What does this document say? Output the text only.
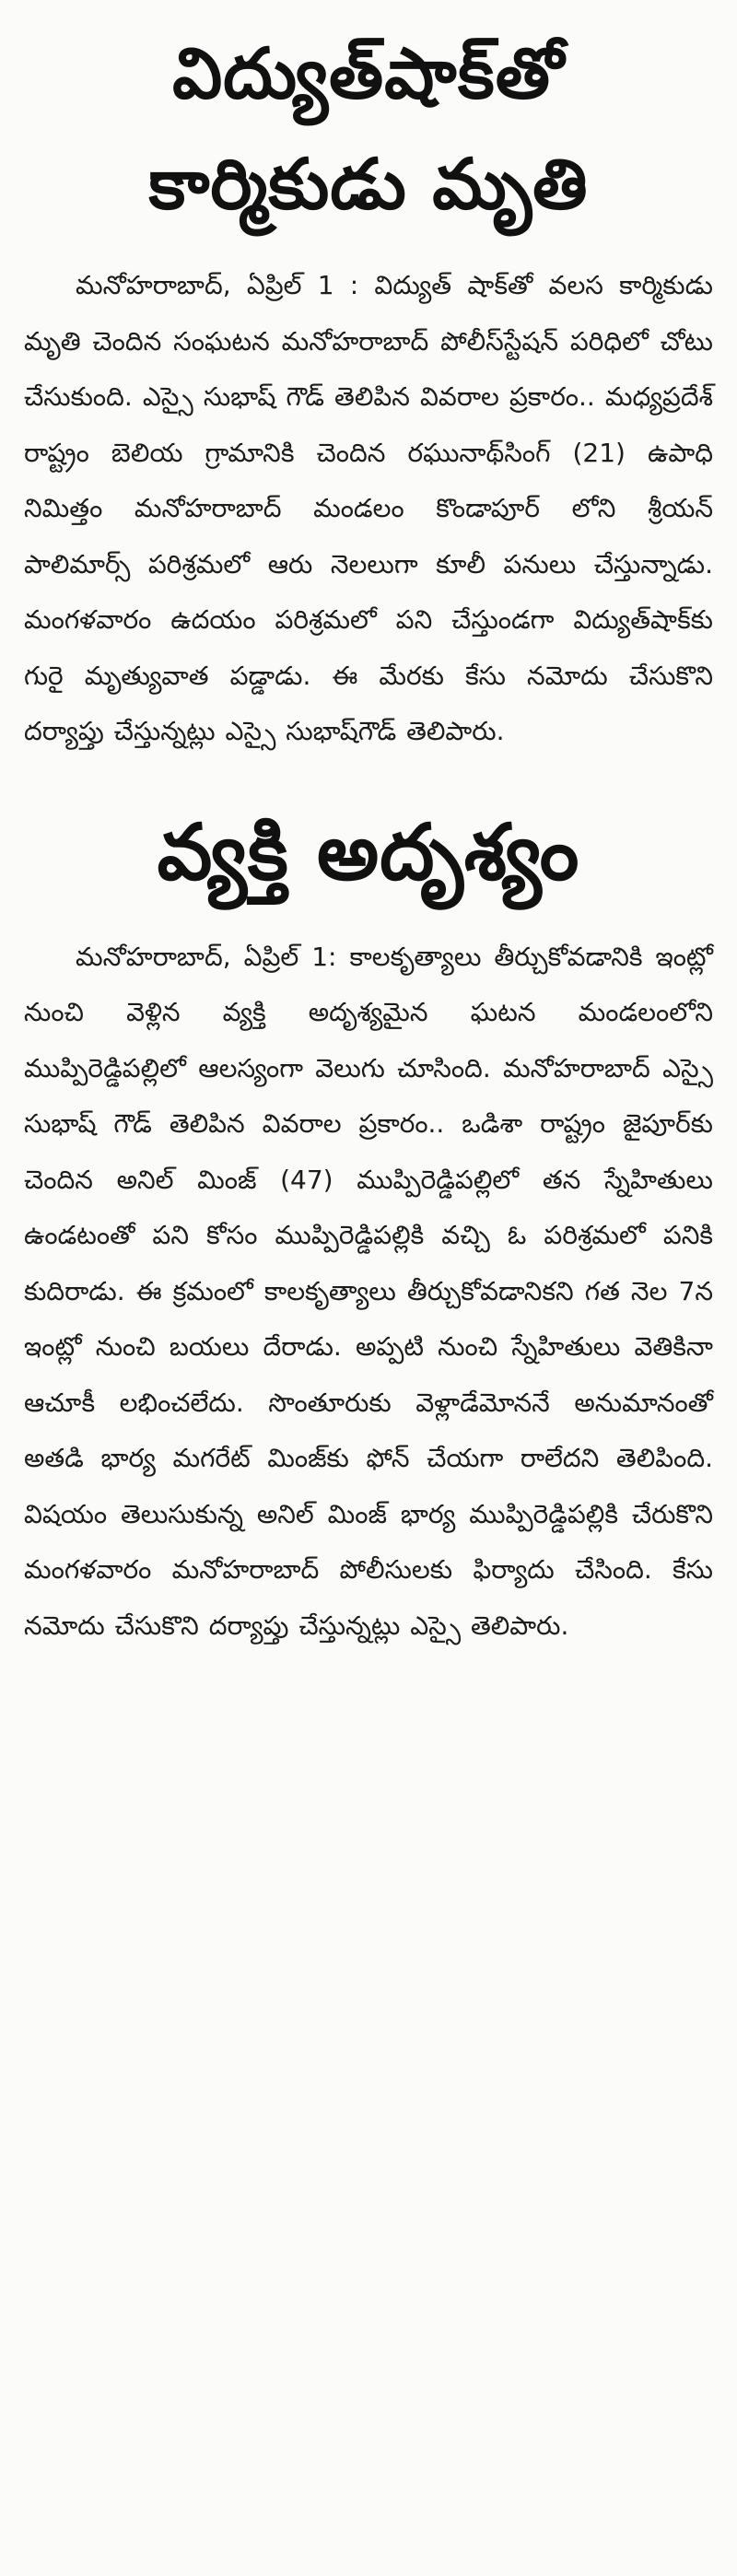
విద్యుత్‌షాక్‌తో
కార్మికుడు మృతి

మనోహరాబాద్, ఏప్రిల్ 1 : విద్యుత్ షాక్‌తో వలస కార్మికుడు మృతి చెందిన సంఘటన మనోహరాబాద్ పోలీస్‌స్టేషన్ పరిధిలో చోటు చేసుకుంది. ఎస్సై సుభాష్ గౌడ్ తెలిపిన వివరాల ప్రకారం.. మధ్యప్రదేశ్ రాష్ట్రం బెలియ గ్రామానికి చెందిన రఘునాథ్‌సింగ్ (21) ఉపాధి నిమిత్తం మనోహరాబాద్ మండలం కొండాపూర్ లోని శ్రీయన్ పాలిమార్స్ పరిశ్రమలో ఆరు నెలలుగా కూలీ పనులు చేస్తున్నాడు. మంగళవారం ఉదయం పరిశ్రమలో పని చేస్తుండగా విద్యుత్‌షాక్‌కు గురై మృత్యువాత పడ్డాడు. ఈ మేరకు కేసు నమోదు చేసుకొని దర్యాప్తు చేస్తున్నట్లు ఎస్సై సుభాష్‌గౌడ్ తెలిపారు.

వ్యక్తి అదృశ్యం

మనోహరాబాద్, ఏప్రిల్ 1: కాలకృత్యాలు తీర్చుకోవడానికి ఇంట్లో నుంచి వెళ్లిన వ్యక్తి అదృశ్యమైన ఘటన మండలంలోని ముప్పిరెడ్డిపల్లిలో ఆలస్యంగా వెలుగు చూసింది. మనోహరాబాద్ ఎస్సై సుభాష్ గౌడ్ తెలిపిన వివరాల ప్రకారం.. ఒడిశా రాష్ట్రం జైపూర్‌కు చెందిన అనిల్ మింజ్ (47) ముప్పిరెడ్డిపల్లిలో తన స్నేహితులు ఉండటంతో పని కోసం ముప్పిరెడ్డిపల్లికి వచ్చి ఓ పరిశ్రమలో పనికి కుదిరాడు. ఈ క్రమంలో కాలకృత్యాలు తీర్చుకోవడానికని గత నెల 7న ఇంట్లో నుంచి బయలు దేరాడు. అప్పటి నుంచి స్నేహితులు వెతికినా ఆచూకీ లభించలేదు. సొంతూరుకు వెళ్లాడేమోననే అనుమానంతో అతడి భార్య మగరేట్ మింజ్‌కు ఫోన్ చేయగా రాలేదని తెలిపింది. విషయం తెలుసుకున్న అనిల్ మింజ్ భార్య ముప్పిరెడ్డిపల్లికి చేరుకొని మంగళవారం మనోహరాబాద్ పోలీసులకు ఫిర్యాదు చేసింది. కేసు నమోదు చేసుకొని దర్యాప్తు చేస్తున్నట్లు ఎస్సై తెలిపారు.
